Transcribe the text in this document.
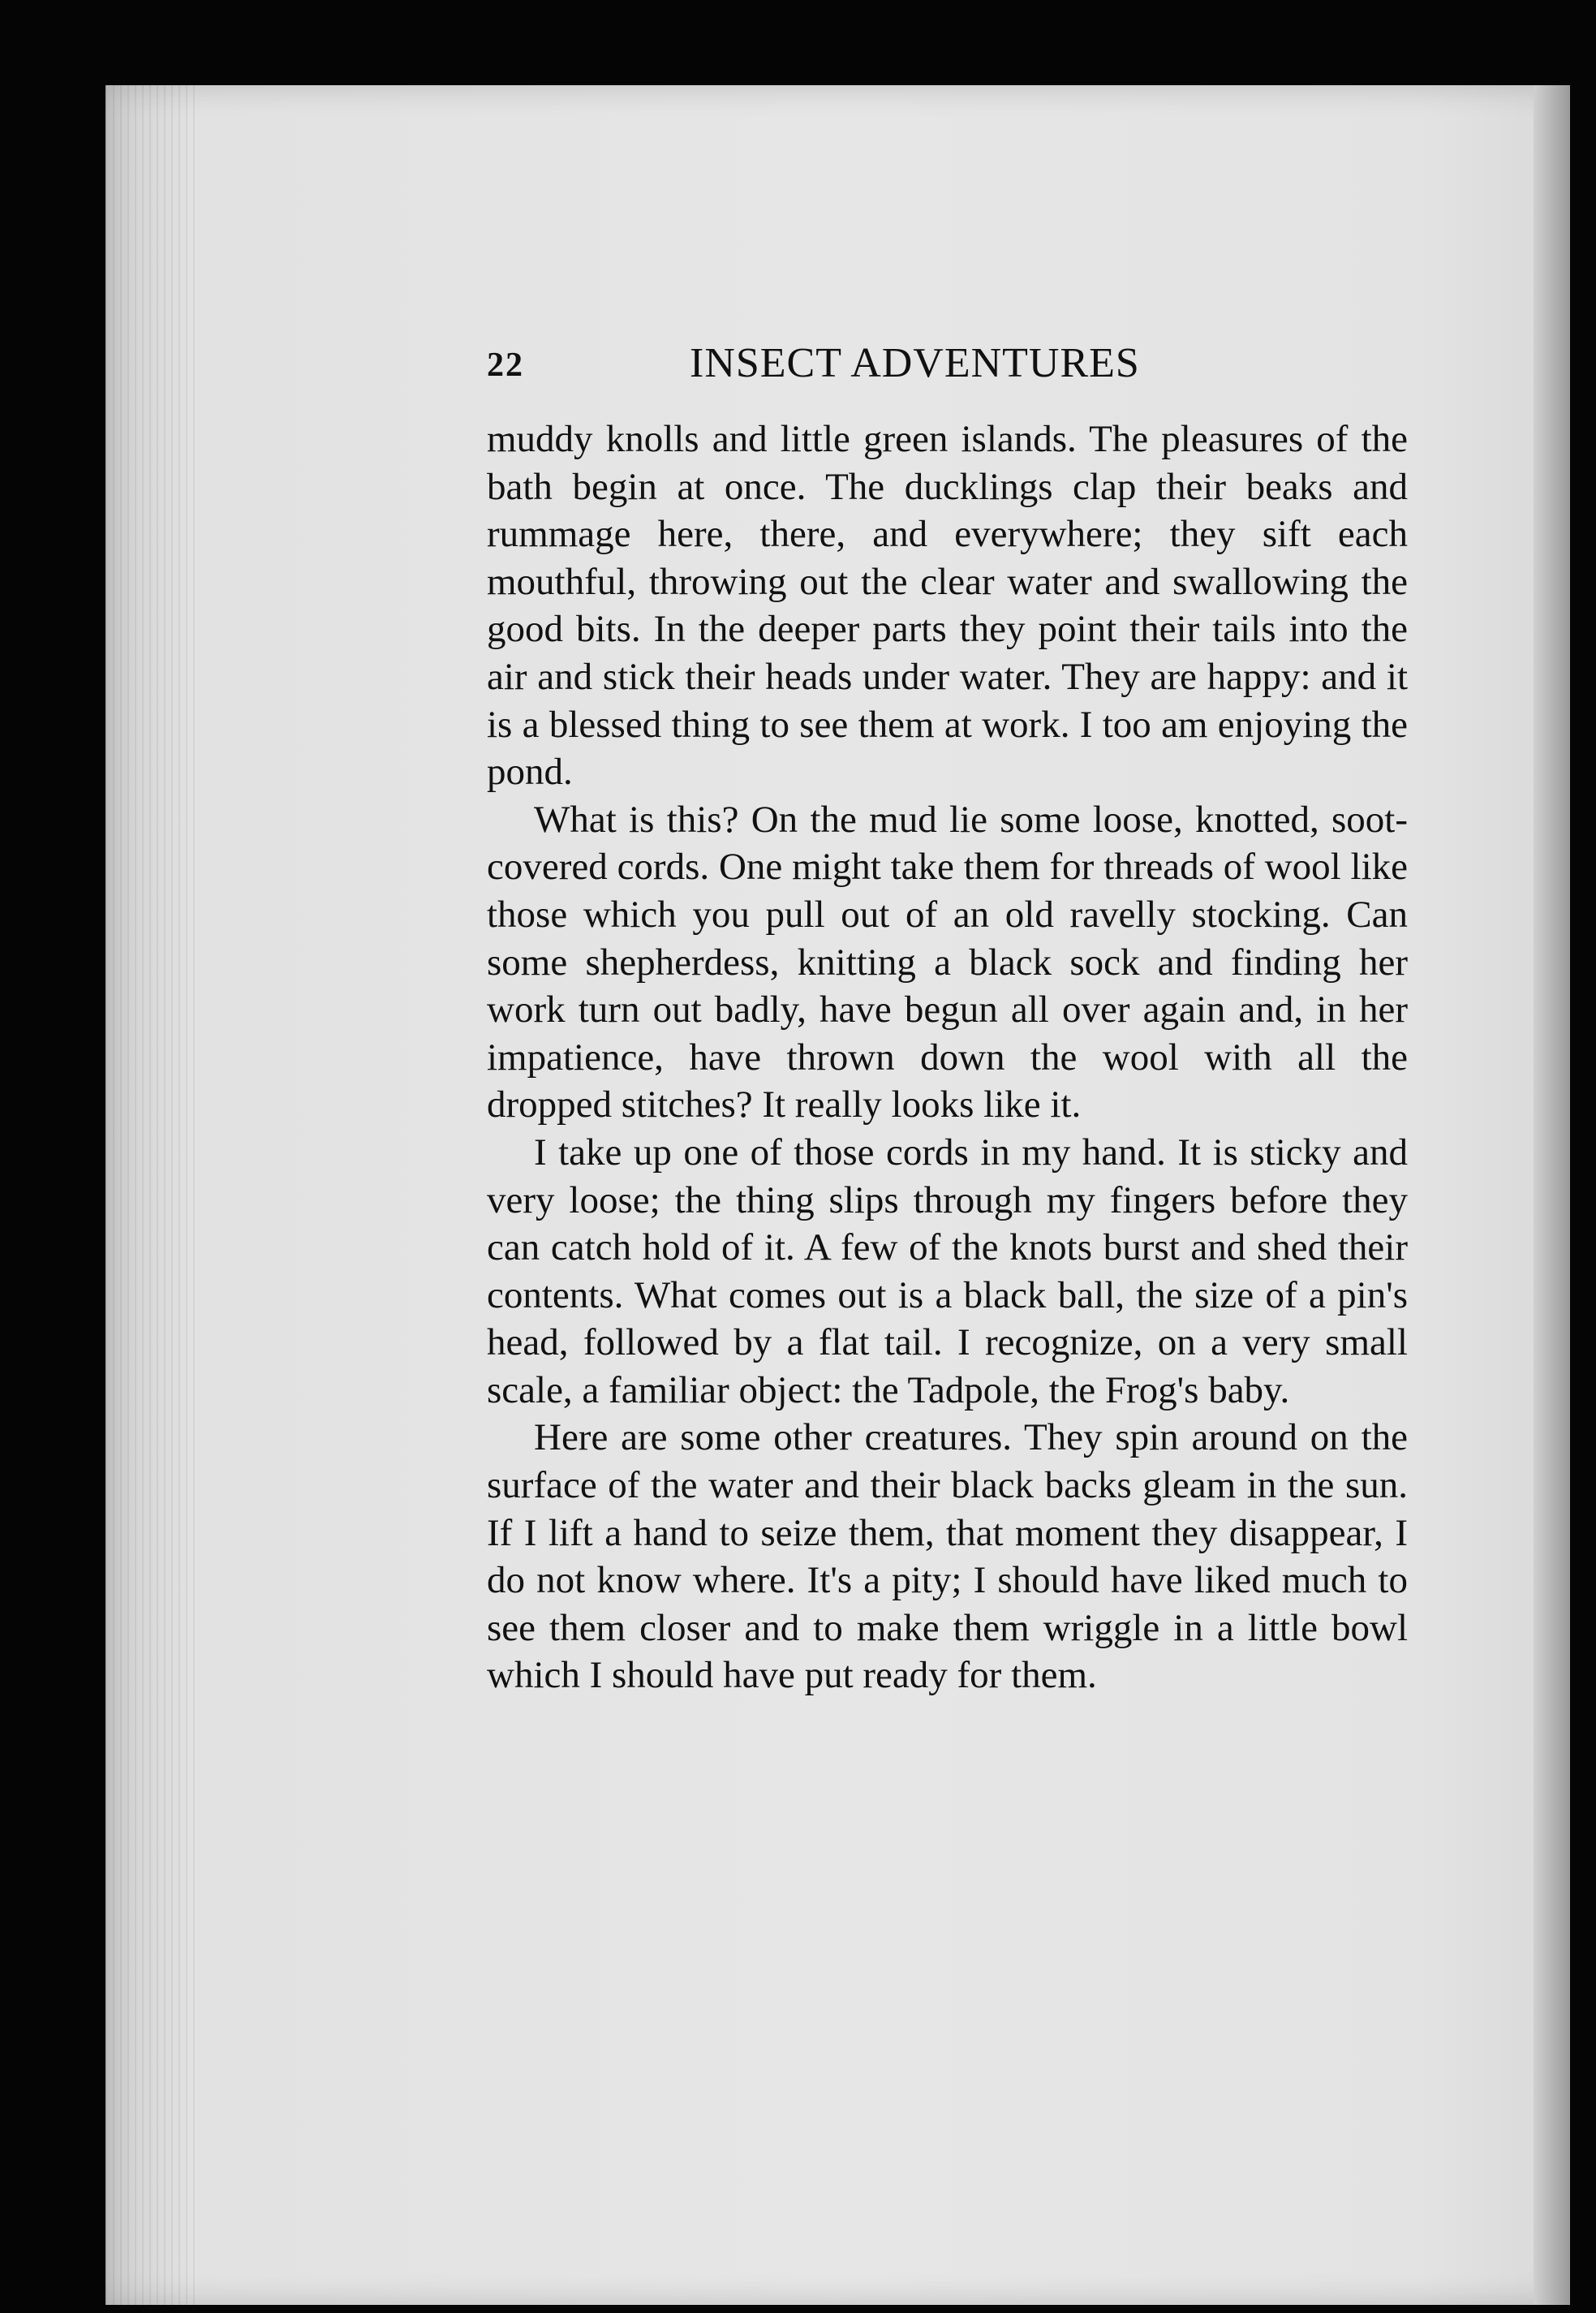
22	INSECT ADVENTURES

muddy knolls and little green islands. The pleasures of the bath begin at once. The ducklings clap their beaks and rummage here, there, and everywhere; they sift each mouthful, throwing out the clear water and swallowing the good bits. In the deeper parts they point their tails into the air and stick their heads under water. They are happy: and it is a blessed thing to see them at work. I too am enjoying the pond.

What is this? On the mud lie some loose, knotted, soot-covered cords. One might take them for threads of wool like those which you pull out of an old ravelly stocking. Can some shepherdess, knitting a black sock and finding her work turn out badly, have begun all over again and, in her impatience, have thrown down the wool with all the dropped stitches? It really looks like it.

I take up one of those cords in my hand. It is sticky and very loose; the thing slips through my fingers before they can catch hold of it. A few of the knots burst and shed their contents. What comes out is a black ball, the size of a pin's head, followed by a flat tail. I recognize, on a very small scale, a familiar object: the Tadpole, the Frog's baby.

Here are some other creatures. They spin around on the surface of the water and their black backs gleam in the sun. If I lift a hand to seize them, that moment they disappear, I do not know where. It's a pity; I should have liked much to see them closer and to make them wriggle in a little bowl which I should have put ready for them.
